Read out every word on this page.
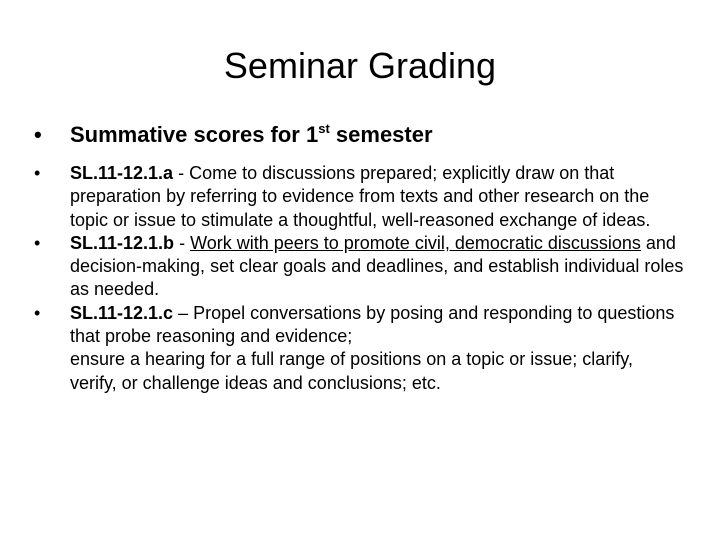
Seminar Grading
•	Summative scores for 1st semester
•	SL.11-12.1.a - Come to discussions prepared; explicitly draw on that preparation by referring to evidence from texts and other research on the topic or issue to stimulate a thoughtful, well-reasoned exchange of ideas.
•	SL.11-12.1.b - Work with peers to promote civil, democratic discussions and decision-making, set clear goals and deadlines, and establish individual roles as needed.
•	SL.11-12.1.c – Propel conversations by posing and responding to questions that probe reasoning and evidence;
ensure a hearing for a full range of positions on a topic or issue; clarify, verify, or challenge ideas and conclusions; etc.
